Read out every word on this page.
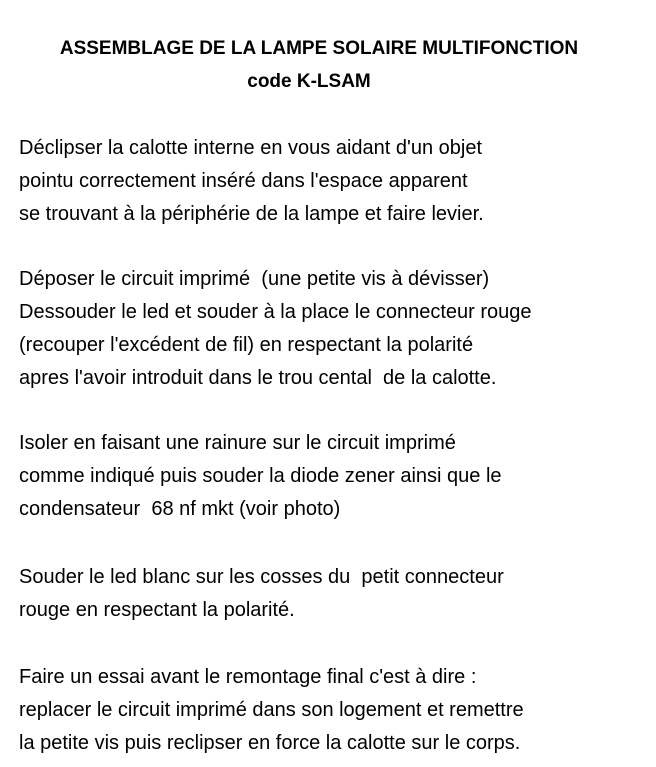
ASSEMBLAGE DE LA LAMPE SOLAIRE MULTIFONCTION
code K-LSAM
Déclipser la calotte interne en vous aidant d'un objet
pointu correctement inséré dans l'espace apparent
se trouvant à la périphérie de la lampe et faire levier.
Déposer le circuit imprimé  (une petite vis à dévisser)
Dessouder le led et souder à la place le connecteur rouge
(recouper l'excédent de fil) en respectant la polarité
apres l'avoir introduit dans le trou cental  de la calotte.
Isoler en faisant une rainure sur le circuit imprimé
comme indiqué puis souder la diode zener ainsi que le
condensateur  68 nf mkt (voir photo)
Souder le led blanc sur les cosses du  petit connecteur
rouge en respectant la polarité.
Faire un essai avant le remontage final c'est à dire :
replacer le circuit imprimé dans son logement et remettre
la petite vis puis reclipser en force la calotte sur le corps.
